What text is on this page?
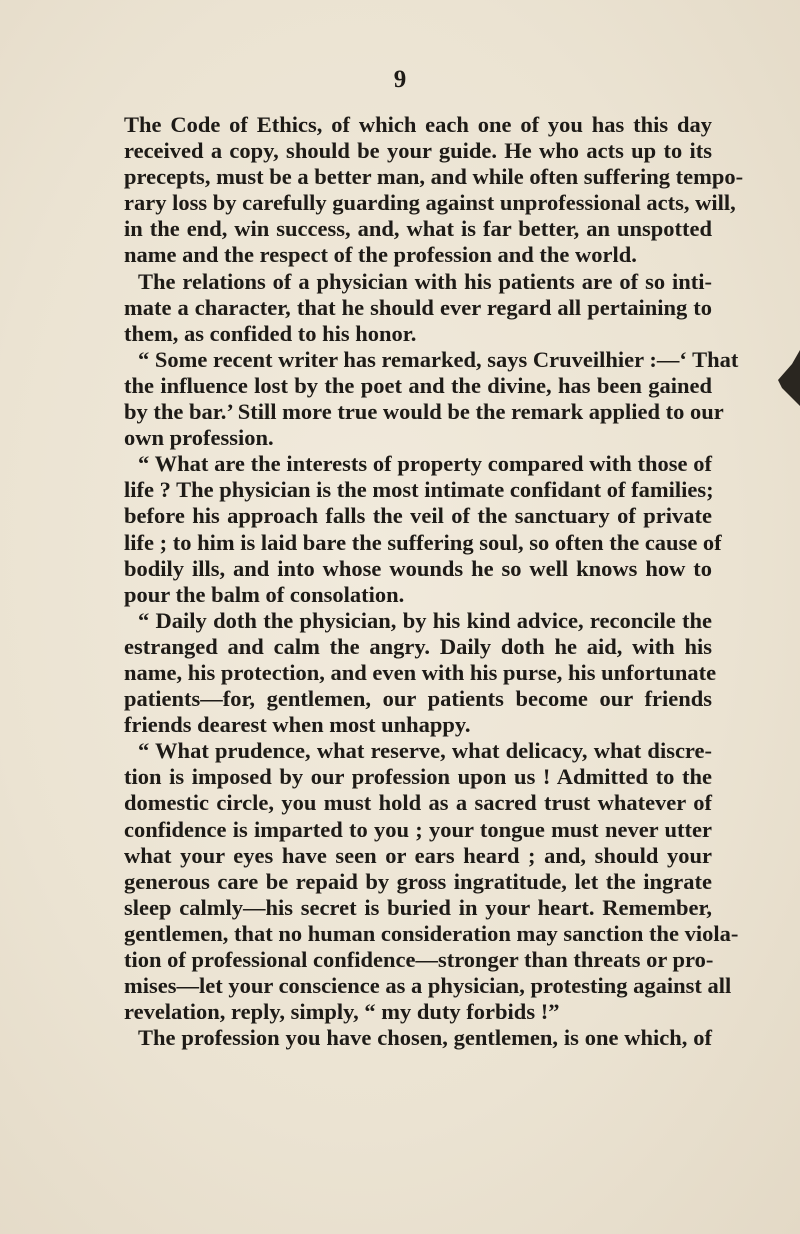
9
The Code of Ethics, of which each one of you has this day
received a copy, should be your guide. He who acts up to its
precepts, must be a better man, and while often suffering tempo-
rary loss by carefully guarding against unprofessional acts, will,
in the end, win success, and, what is far better, an unspotted
name and the respect of the profession and the world.
The relations of a physician with his patients are of so inti-
mate a character, that he should ever regard all pertaining to
them, as confided to his honor.
“ Some recent writer has remarked, says Cruveilhier :—‘ That
the influence lost by the poet and the divine, has been gained
by the bar.’ Still more true would be the remark applied to our
own profession.
“ What are the interests of property compared with those of
life ? The physician is the most intimate confidant of families;
before his approach falls the veil of the sanctuary of private
life ; to him is laid bare the suffering soul, so often the cause of
bodily ills, and into whose wounds he so well knows how to
pour the balm of consolation.
“ Daily doth the physician, by his kind advice, reconcile the
estranged and calm the angry. Daily doth he aid, with his
name, his protection, and even with his purse, his unfortunate
patients—for, gentlemen, our patients become our friends
friends dearest when most unhappy.
“ What prudence, what reserve, what delicacy, what discre-
tion is imposed by our profession upon us ! Admitted to the
domestic circle, you must hold as a sacred trust whatever of
confidence is imparted to you ; your tongue must never utter
what your eyes have seen or ears heard ; and, should your
generous care be repaid by gross ingratitude, let the ingrate
sleep calmly—his secret is buried in your heart. Remember,
gentlemen, that no human consideration may sanction the viola-
tion of professional confidence—stronger than threats or pro-
mises—let your conscience as a physician, protesting against all
revelation, reply, simply, “ my duty forbids !”
The profession you have chosen, gentlemen, is one which, of
